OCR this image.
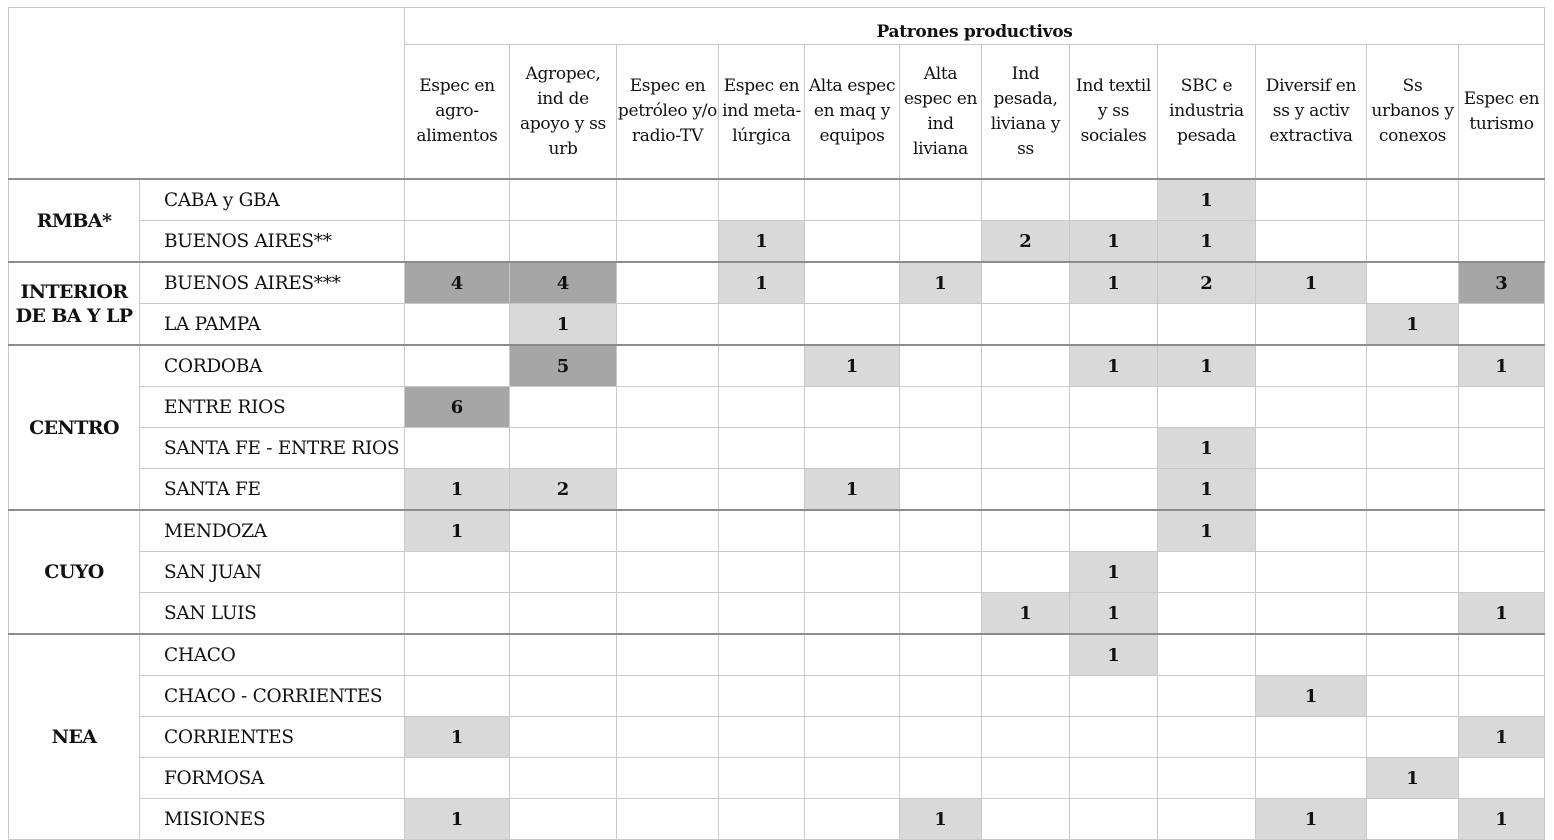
		Patrones productivos											
		Espec en agro-alimentos	Agropec, ind de apoyo y ss urb	Espec en petróleo y/o radio-TV	Espec en ind meta-lúrgica	Alta espec en maq y equipos	Alta espec en ind liviana	Ind pesada, liviana y ss	Ind textil y ss sociales	SBC e industria pesada	Diversif en ss y activ extractiva	Ss urbanos y conexos	Espec en turismo
RMBA*	CABA y GBA									1			
	BUENOS AIRES**				1			2	1	1			
INTERIOR DE BA Y LP	BUENOS AIRES***	4	4		1		1		1	2	1		3
	LA PAMPA		1									1	
CENTRO	CORDOBA		5			1			1	1			1
	ENTRE RIOS	6											
	SANTA FE - ENTRE RIOS									1			
	SANTA FE	1	2			1				1			
CUYO	MENDOZA	1								1			
	SAN JUAN								1				
	SAN LUIS							1	1				1
NEA	CHACO								1				
	CHACO - CORRIENTES										1		
	CORRIENTES	1											1
	FORMOSA											1	
	MISIONES	1					1				1		1
